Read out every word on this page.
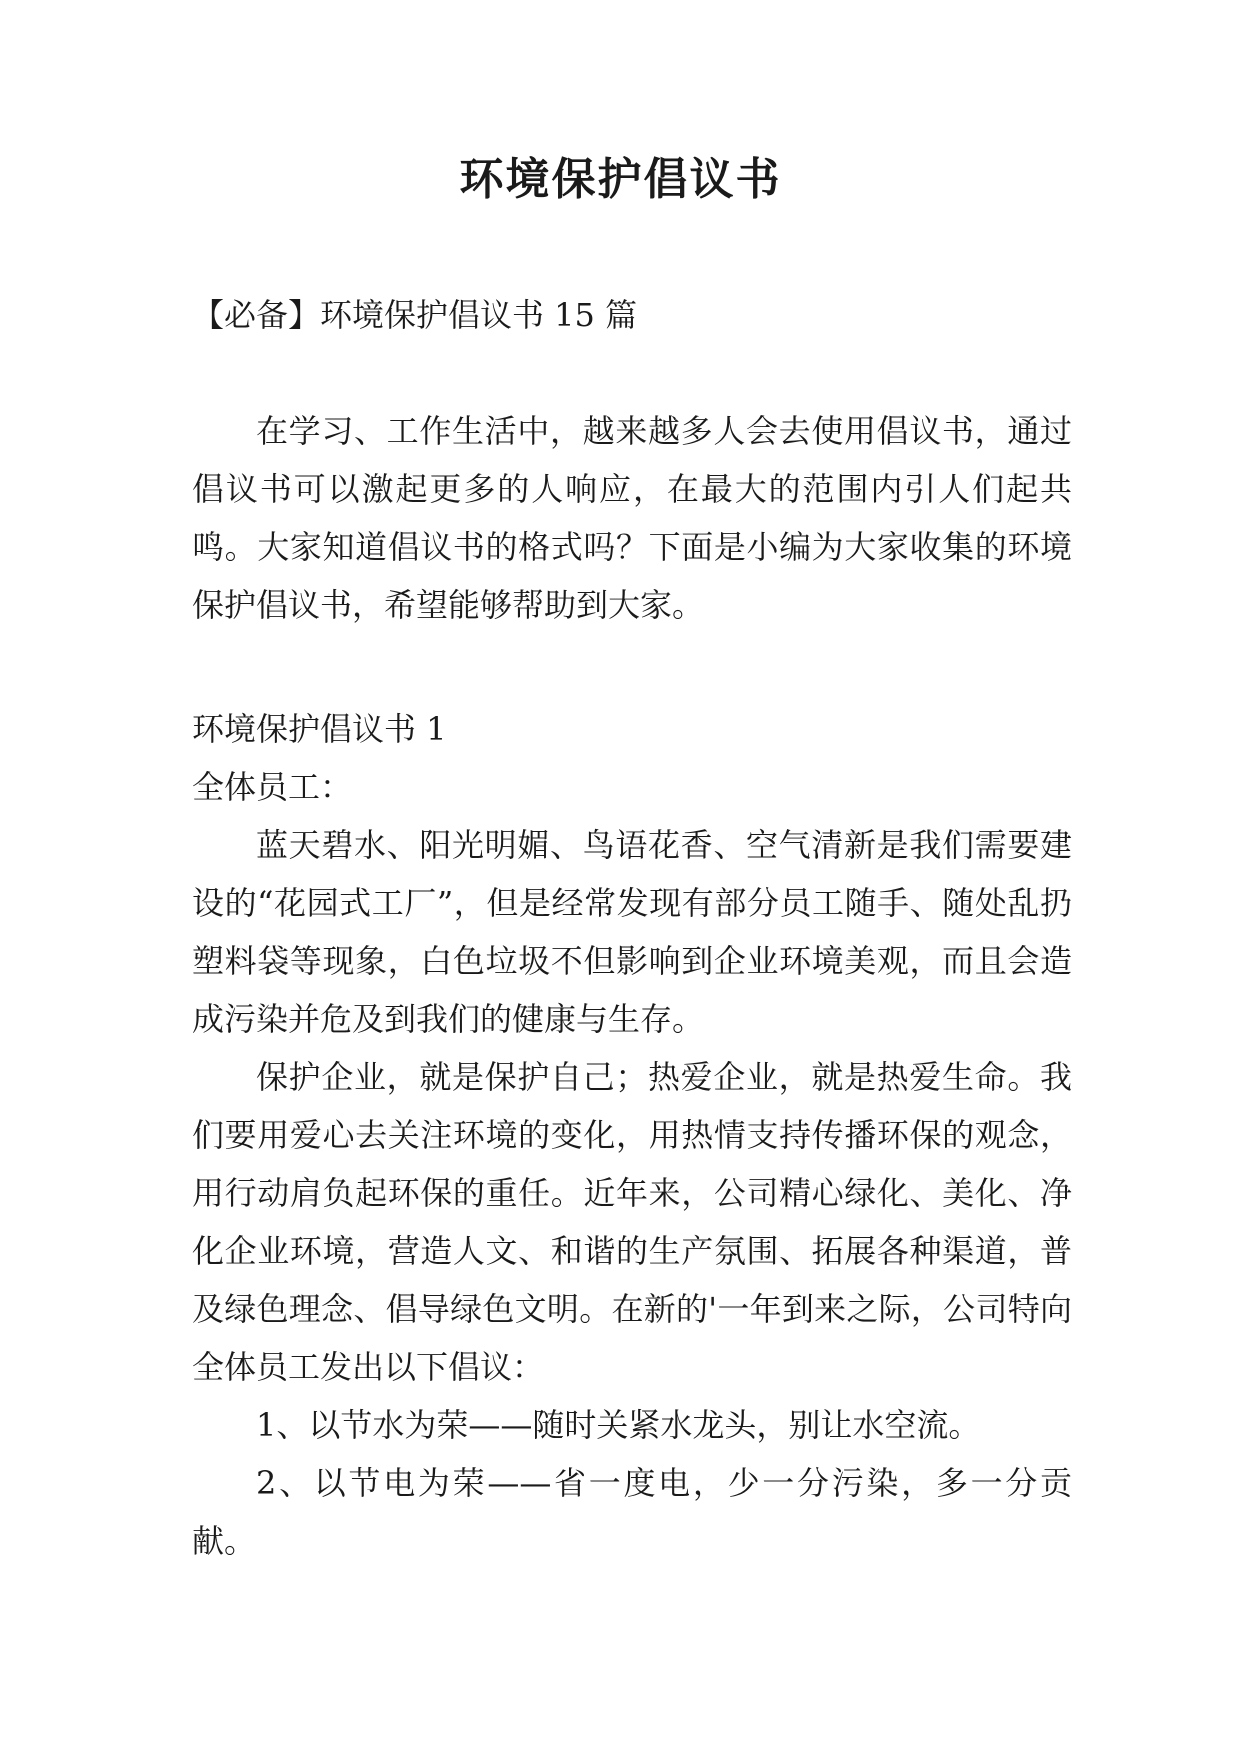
环境保护倡议书

【必备】环境保护倡议书 15 篇

在学习、工作生活中，越来越多人会去使用倡议书，通过倡议书可以激起更多的人响应，在最大的范围内引人们起共鸣。大家知道倡议书的格式吗？下面是小编为大家收集的环境保护倡议书，希望能够帮助到大家。

环境保护倡议书 1

全体员工：

蓝天碧水、阳光明媚、鸟语花香、空气清新是我们需要建设的“花园式工厂”，但是经常发现有部分员工随手、随处乱扔塑料袋等现象，白色垃圾不但影响到企业环境美观，而且会造成污染并危及到我们的健康与生存。

保护企业，就是保护自己；热爱企业，就是热爱生命。我们要用爱心去关注环境的变化，用热情支持传播环保的观念，用行动肩负起环保的重任。近年来，公司精心绿化、美化、净化企业环境，营造人文、和谐的生产氛围、拓展各种渠道，普及绿色理念、倡导绿色文明。在新的'一年到来之际，公司特向全体员工发出以下倡议：

1、以节水为荣——随时关紧水龙头，别让水空流。

2、以节电为荣——省一度电，少一分污染，多一分贡献。
